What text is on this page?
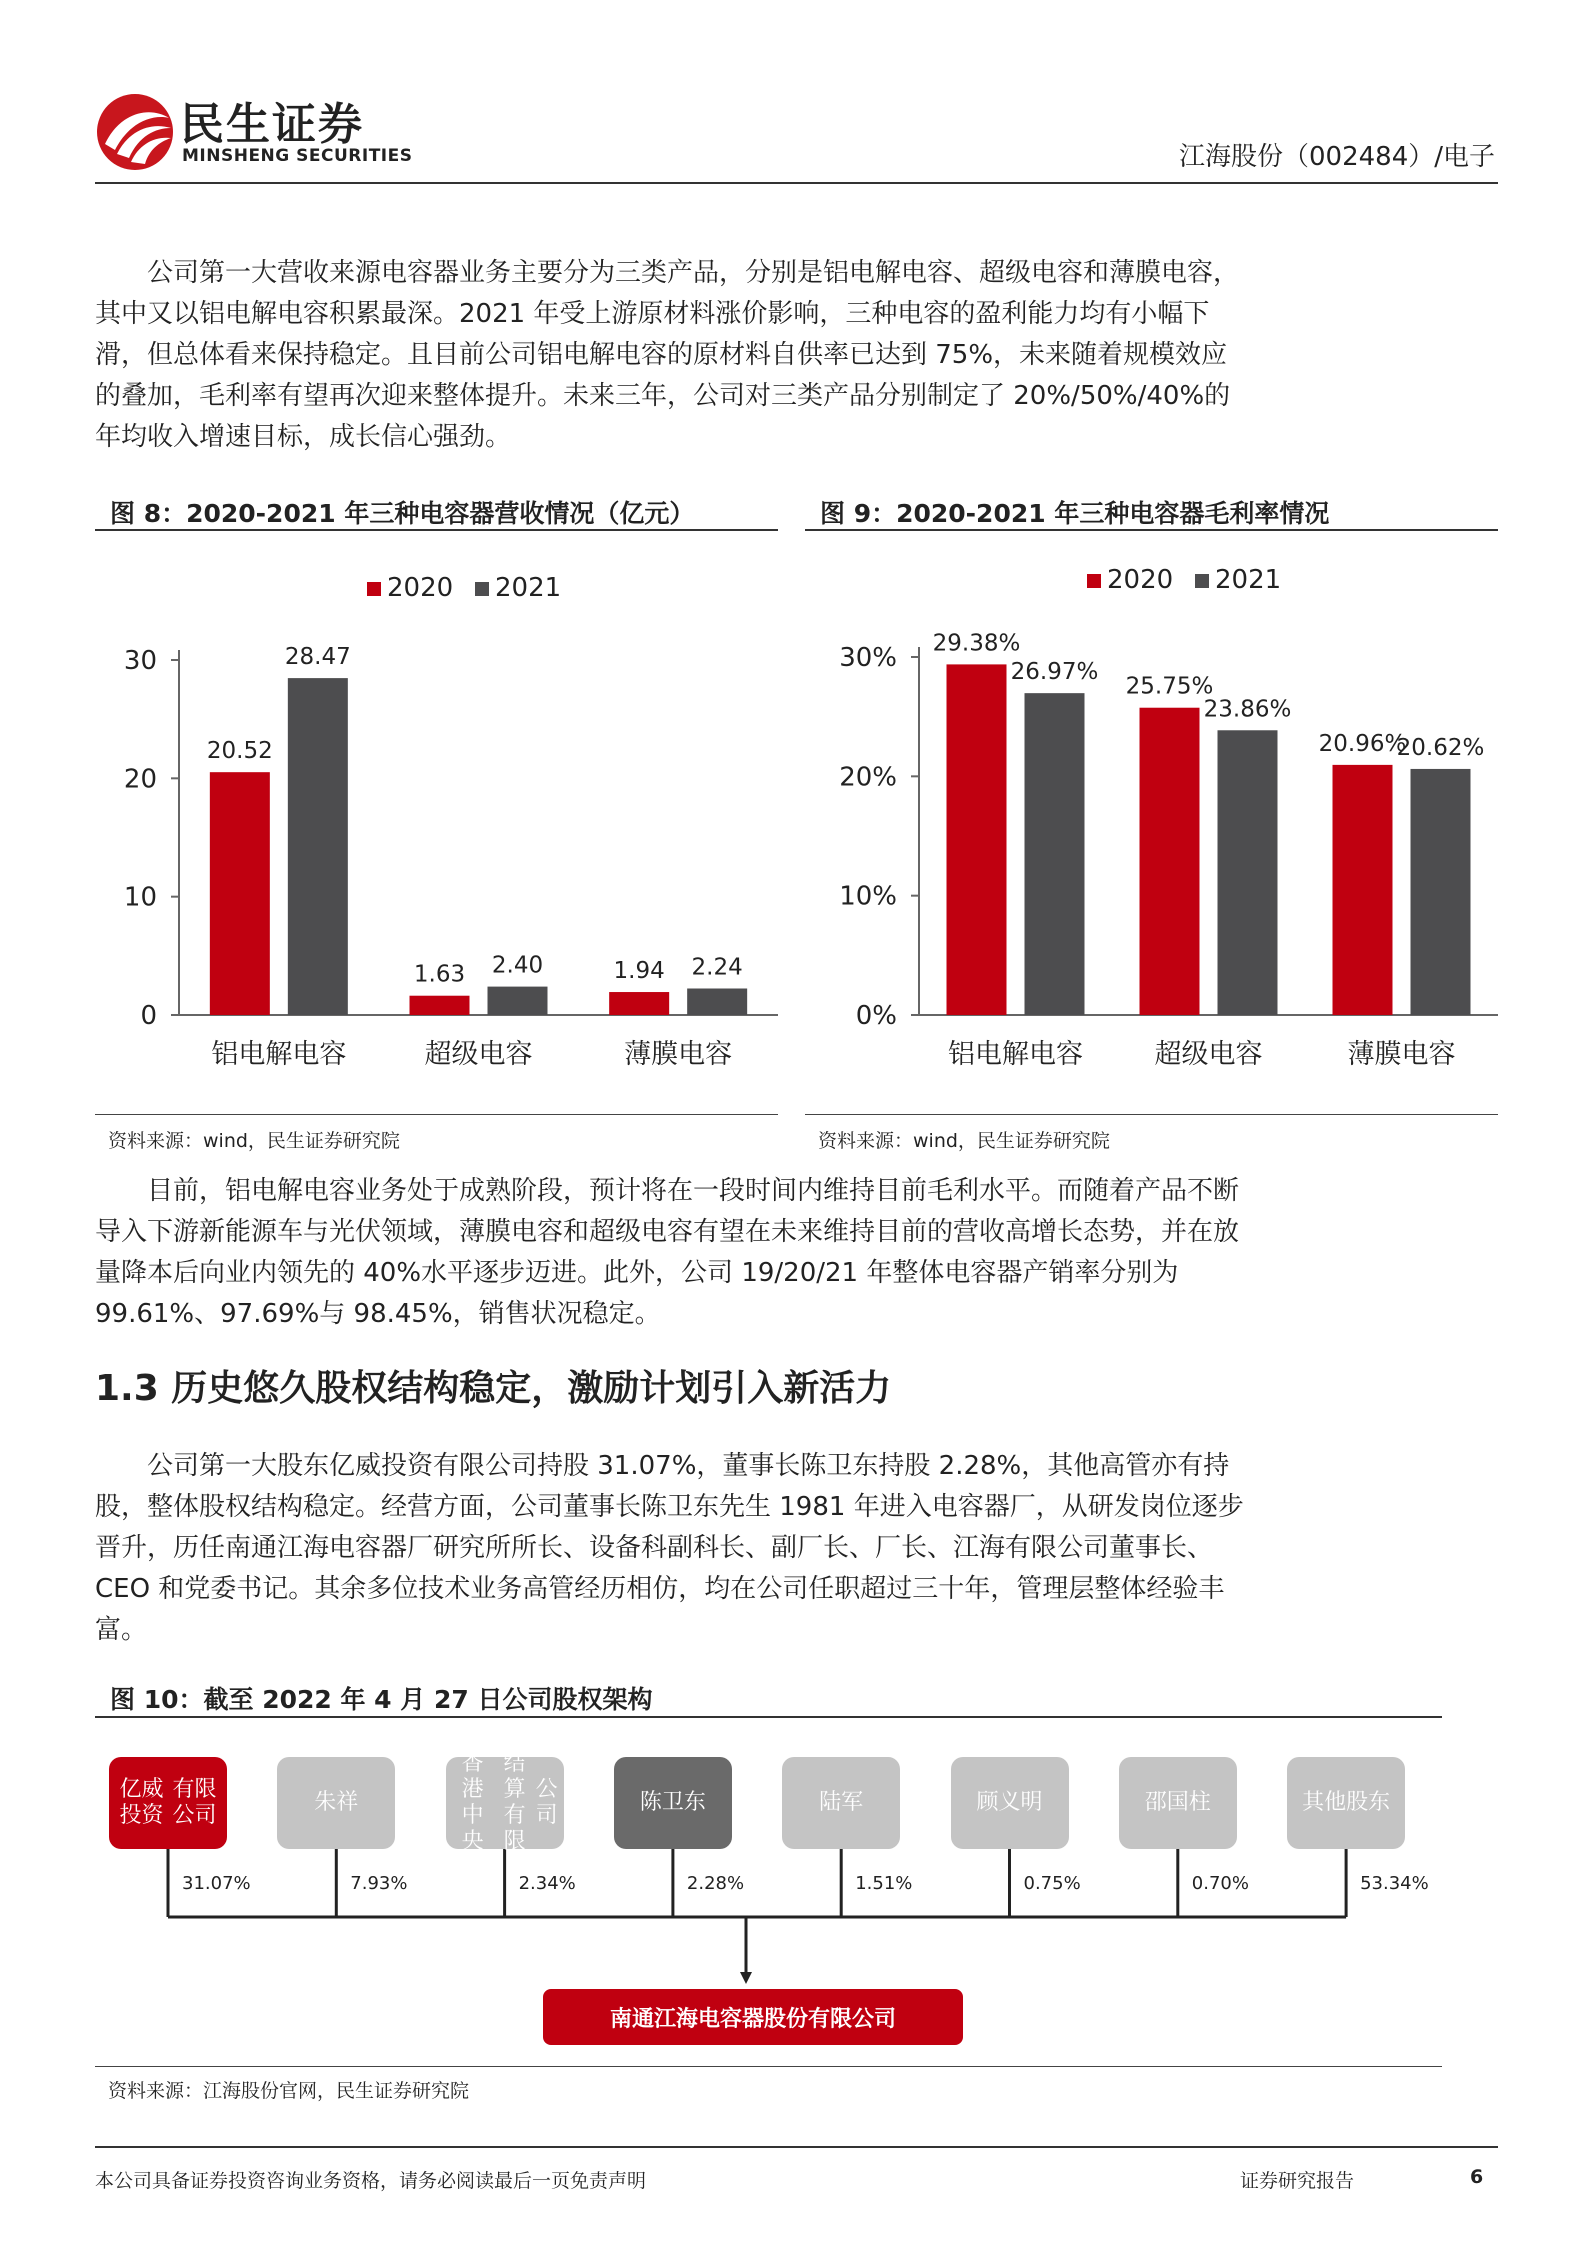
民生证券
MINSHENG SECURITIES	江海股份（002484）/电子

公司第一大营收来源电容器业务主要分为三类产品，分别是铝电解电容、超级电容和薄膜电容，其中又以铝电解电容积累最深。2021 年受上游原材料涨价影响，三种电容的盈利能力均有小幅下滑，但总体看来保持稳定。且目前公司铝电解电容的原材料自供率已达到 75%，未来随着规模效应的叠加，毛利率有望再次迎来整体提升。未来三年，公司对三类产品分别制定了 20%/50%/40%的年均收入增速目标，成长信心强劲。

图 8：2020-2021 年三种电容器营收情况（亿元）	图 9：2020-2021 年三种电容器毛利率情况
2020 2021
0
10
20
30
20.52
28.47
铝电解电容
1.63 2.40
超级电容
1.94 2.24
薄膜电容
2020 2021
0%
10%
20%
30% 29.38%
26.97%
铝电解电容
25.75%
23.86%
超级电容
20.96%
20.62%
薄膜电容
资料来源：wind，民生证券研究院	资料来源：wind，民生证券研究院

目前，铝电解电容业务处于成熟阶段，预计将在一段时间内维持目前毛利水平。而随着产品不断导入下游新能源车与光伏领域，薄膜电容和超级电容有望在未来维持目前的营收高增长态势，并在放量降本后向业内领先的 40%水平逐步迈进。此外，公司 19/20/21 年整体电容器产销率分别为 99.61%、97.69%与 98.45%，销售状况稳定。

1.3 历史悠久股权结构稳定，激励计划引入新活力

公司第一大股东亿威投资有限公司持股 31.07%，董事长陈卫东持股 2.28%，其他高管亦有持股，整体股权结构稳定。经营方面，公司董事长陈卫东先生 1981 年进入电容器厂，从研发岗位逐步晋升，历任南通江海电容器厂研究所所长、设备科副科长、副厂长、厂长、江海有限公司董事长、CEO 和党委书记。其余多位技术业务高管经历相仿，均在公司任职超过三十年，管理层整体经验丰富。

图 10：截至 2022 年 4 月 27 日公司股权架构
亿威投资

有限公司
31.07%
朱祥
7.93%
香港中央

结算有限

公司
2.34%
陈卫东
2.28%
陆军
1.51%
顾义明
0.75%
邵国柱
0.70%
其他股东
53.34%
南通江海电容器股份有限公司
资料来源：江海股份官网，民生证券研究院
本公司具备证券投资咨询业务资格，请务必阅读最后一页免责声明	证券研究报告	6
